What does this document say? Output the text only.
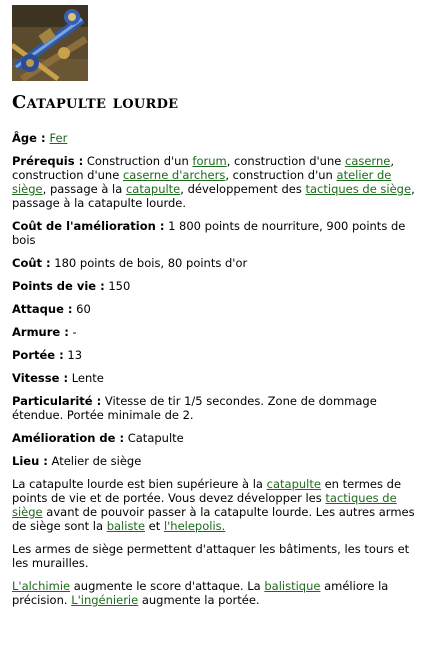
Catapulte lourde

Âge : Fer

Prérequis : Construction d'un forum, construction d'une caserne, construction d'une caserne d'archers, construction d'un atelier de siège, passage à la catapulte, développement des tactiques de siège, passage à la catapulte lourde.

Coût de l'amélioration : 1 800 points de nourriture, 900 points de bois

Coût : 180 points de bois, 80 points d'or

Points de vie : 150

Attaque : 60

Armure : -

Portée : 13

Vitesse : Lente

Particularité : Vitesse de tir 1/5 secondes. Zone de dommage étendue. Portée minimale de 2.

Amélioration de : Catapulte

Lieu : Atelier de siège

La catapulte lourde est bien supérieure à la catapulte en termes de points de vie et de portée. Vous devez développer les tactiques de siège avant de pouvoir passer à la catapulte lourde. Les autres armes de siège sont la baliste et l'helepolis.

Les armes de siège permettent d'attaquer les bâtiments, les tours et les murailles.

L'alchimie augmente le score d'attaque. La balistique améliore la précision. L'ingénierie augmente la portée.
